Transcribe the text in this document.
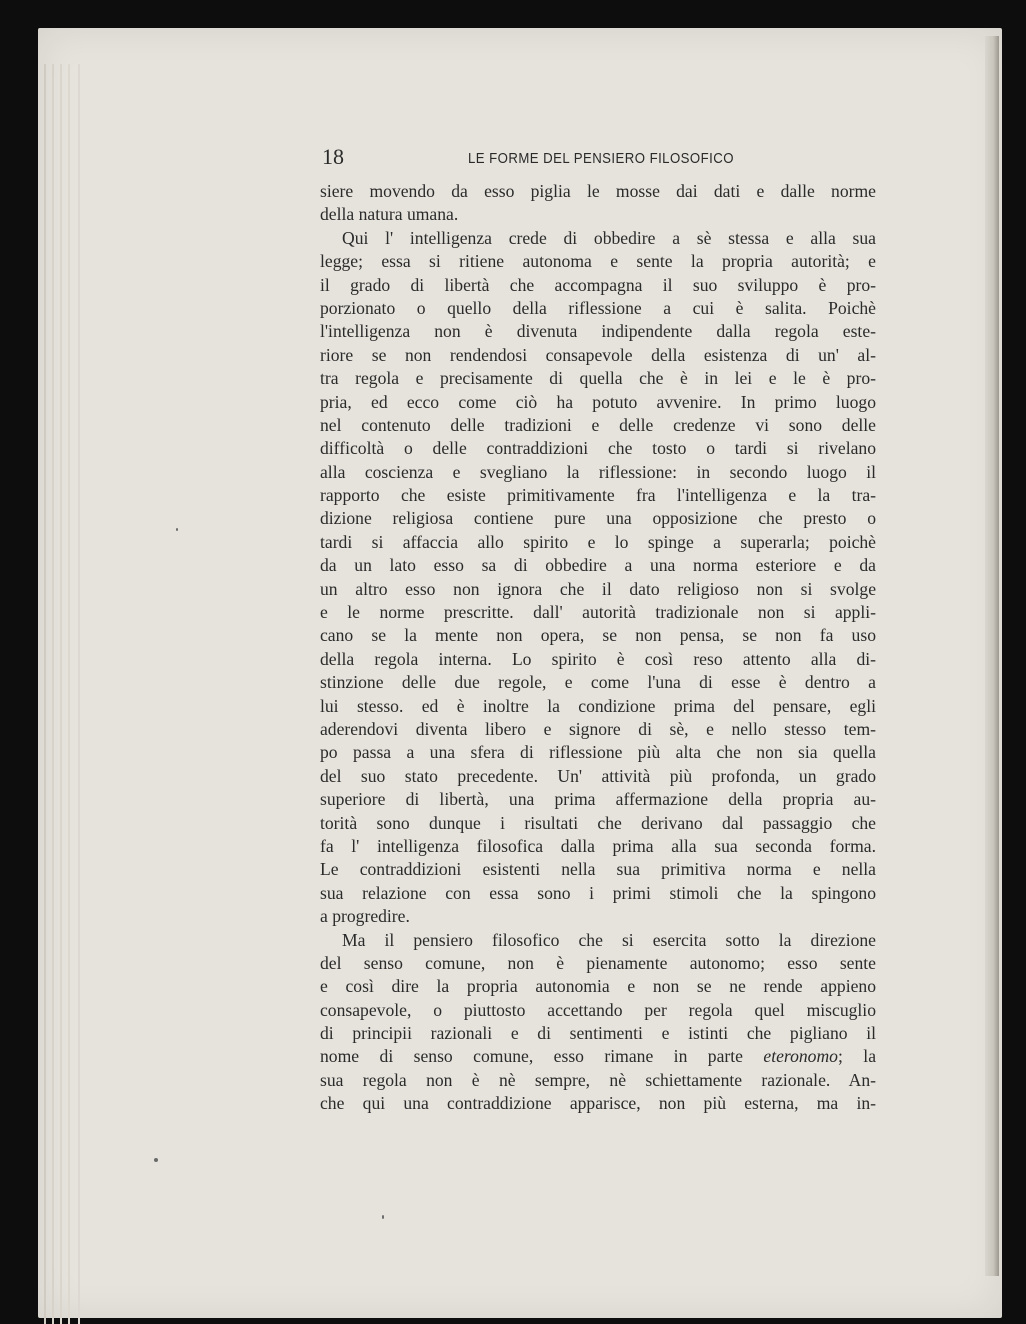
18	LE FORME DEL PENSIERO FILOSOFICO
siere movendo da esso piglia le mosse dai dati e dalle norme
della natura umana.
Qui l' intelligenza crede di obbedire a sè stessa e alla sua
legge; essa si ritiene autonoma e sente la propria autorità; e
il grado di libertà che accompagna il suo sviluppo è pro-
porzionato o quello della riflessione a cui è salita. Poichè
l'intelligenza non è divenuta indipendente dalla regola este-
riore se non rendendosi consapevole della esistenza di un' al-
tra regola e precisamente di quella che è in lei e le è pro-
pria, ed ecco come ciò ha potuto avvenire. In primo luogo
nel contenuto delle tradizioni e delle credenze vi sono delle
difficoltà o delle contraddizioni che tosto o tardi si rivelano
alla coscienza e svegliano la riflessione: in secondo luogo il
rapporto che esiste primitivamente fra l'intelligenza e la tra-
dizione religiosa contiene pure una opposizione che presto o
tardi si affaccia allo spirito e lo spinge a superarla; poichè
da un lato esso sa di obbedire a una norma esteriore e da
un altro esso non ignora che il dato religioso non si svolge
e le norme prescritte. dall' autorità tradizionale non si appli-
cano se la mente non opera, se non pensa, se non fa uso
della regola interna. Lo spirito è così reso attento alla di-
stinzione delle due regole, e come l'una di esse è dentro a
lui stesso. ed è inoltre la condizione prima del pensare, egli
aderendovi diventa libero e signore di sè, e nello stesso tem-
po passa a una sfera di riflessione più alta che non sia quella
del suo stato precedente. Un' attività più profonda, un grado
superiore di libertà, una prima affermazione della propria au-
torità sono dunque i risultati che derivano dal passaggio che
fa l' intelligenza filosofica dalla prima alla sua seconda forma.
Le contraddizioni esistenti nella sua primitiva norma e nella
sua relazione con essa sono i primi stimoli che la spingono
a progredire.
Ma il pensiero filosofico che si esercita sotto la direzione
del senso comune, non è pienamente autonomo; esso sente
e così dire la propria autonomia e non se ne rende appieno
consapevole, o piuttosto accettando per regola quel miscuglio
di principii razionali e di sentimenti e istinti che pigliano il
nome di senso comune, esso rimane in parte eteronomo; la
sua regola non è nè sempre, nè schiettamente razionale. An-
che qui una contraddizione apparisce, non più esterna, ma in-
